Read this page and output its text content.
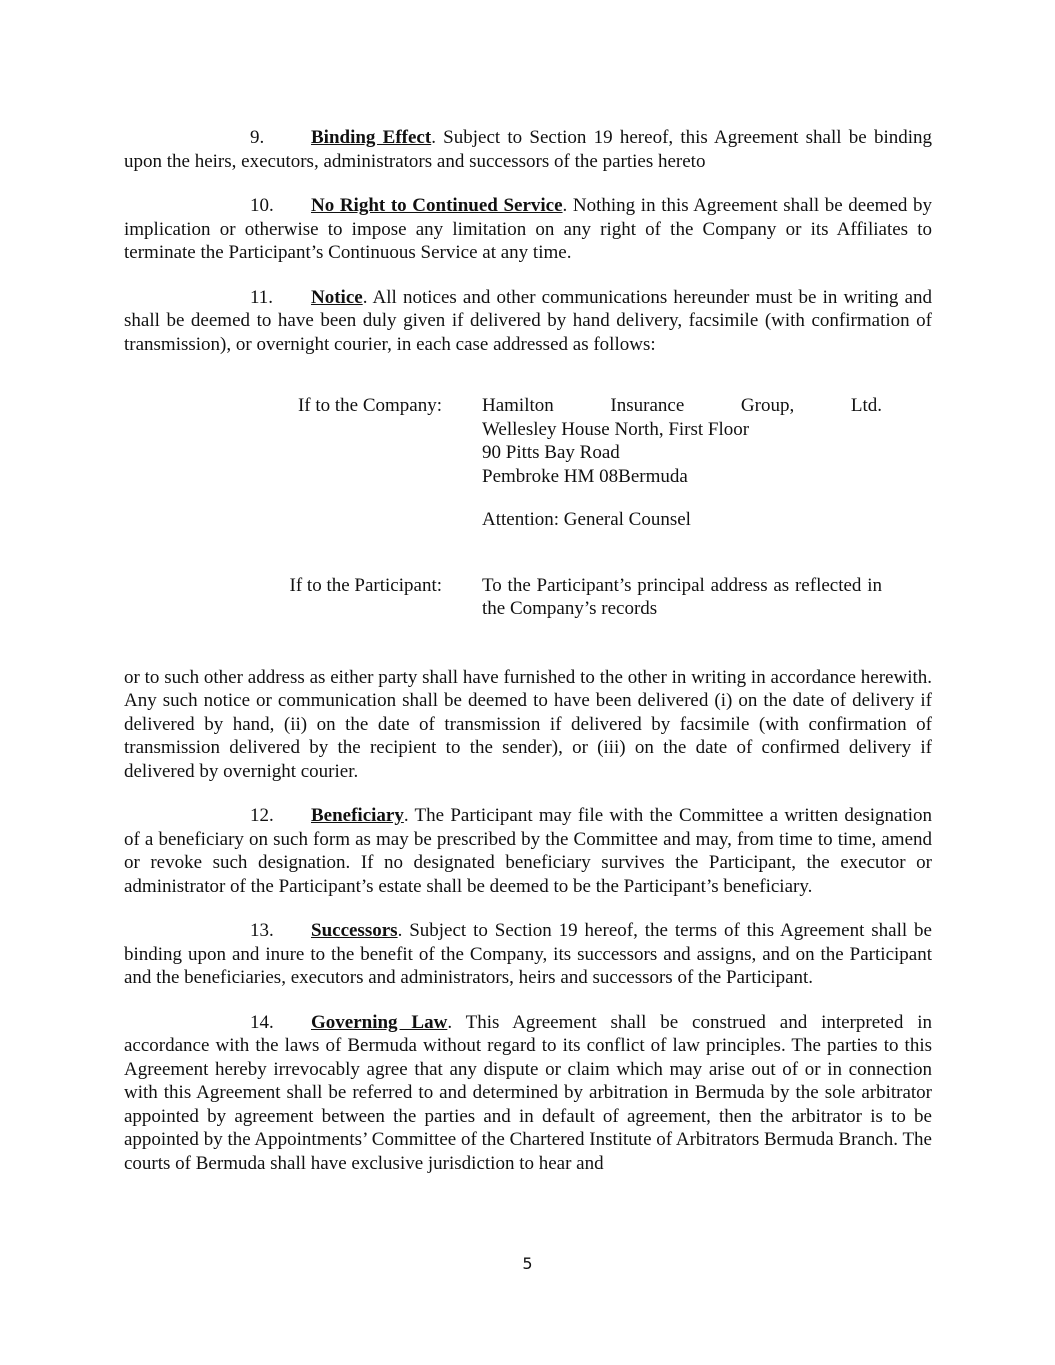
9. Binding Effect. Subject to Section 19 hereof, this Agreement shall be binding upon the heirs, executors, administrators and successors of the parties hereto

10. No Right to Continued Service. Nothing in this Agreement shall be deemed by implication or otherwise to impose any limitation on any right of the Company or its Affiliates to terminate the Participant’s Continuous Service at any time.

11. Notice. All notices and other communications hereunder must be in writing and shall be deemed to have been duly given if delivered by hand delivery, facsimile (with confirmation of transmission), or overnight courier, in each case addressed as follows:

If to the Company:	Hamilton Insurance Group, Ltd.

Wellesley House North, First Floor

90 Pitts Bay Road

Pembroke HM 08Bermuda

Attention: General Counsel

If to the Participant:	To the Participant’s principal address as reflected in the Company’s records

or to such other address as either party shall have furnished to the other in writing in accordance herewith. Any such notice or communication shall be deemed to have been delivered (i) on the date of delivery if delivered by hand, (ii) on the date of transmission if delivered by facsimile (with confirmation of transmission delivered by the recipient to the sender), or (iii) on the date of confirmed delivery if delivered by overnight courier.

12. Beneficiary. The Participant may file with the Committee a written designation of a beneficiary on such form as may be prescribed by the Committee and may, from time to time, amend or revoke such designation. If no designated beneficiary survives the Participant, the executor or administrator of the Participant’s estate shall be deemed to be the Participant’s beneficiary.

13. Successors. Subject to Section 19 hereof, the terms of this Agreement shall be binding upon and inure to the benefit of the Company, its successors and assigns, and on the Participant and the beneficiaries, executors and administrators, heirs and successors of the Participant.

14. Governing Law. This Agreement shall be construed and interpreted in accordance with the laws of Bermuda without regard to its conflict of law principles. The parties to this Agreement hereby irrevocably agree that any dispute or claim which may arise out of or in connection with this Agreement shall be referred to and determined by arbitration in Bermuda by the sole arbitrator appointed by agreement between the parties and in default of agreement, then the arbitrator is to be appointed by the Appointments’ Committee of the Chartered Institute of Arbitrators Bermuda Branch. The courts of Bermuda shall have exclusive jurisdiction to hear and

5
